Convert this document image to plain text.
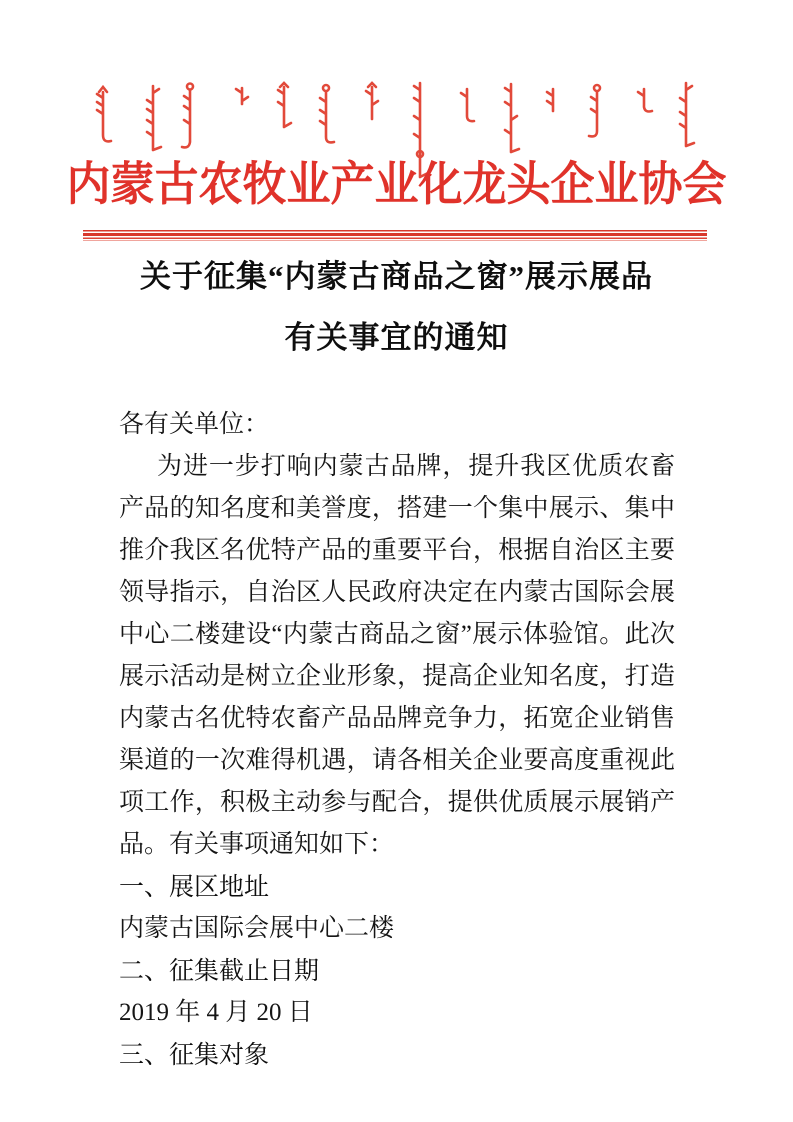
内蒙古农牧业产业化龙头企业协会
关于征集“内蒙古商品之窗”展示展品
有关事宜的通知

各有关单位：

为进一步打响内蒙古品牌，提升我区优质农畜产品的知名度和美誉度，搭建一个集中展示、集中推介我区名优特产品的重要平台，根据自治区主要领导指示，自治区人民政府决定在内蒙古国际会展中心二楼建设“内蒙古商品之窗”展示体验馆。此次展示活动是树立企业形象，提高企业知名度，打造内蒙古名优特农畜产品品牌竞争力，拓宽企业销售渠道的一次难得机遇，请各相关企业要高度重视此项工作，积极主动参与配合，提供优质展示展销产品。有关事项通知如下：

一、展区地址

内蒙古国际会展中心二楼

二、征集截止日期

2019 年 4 月 20 日

三、征集对象
